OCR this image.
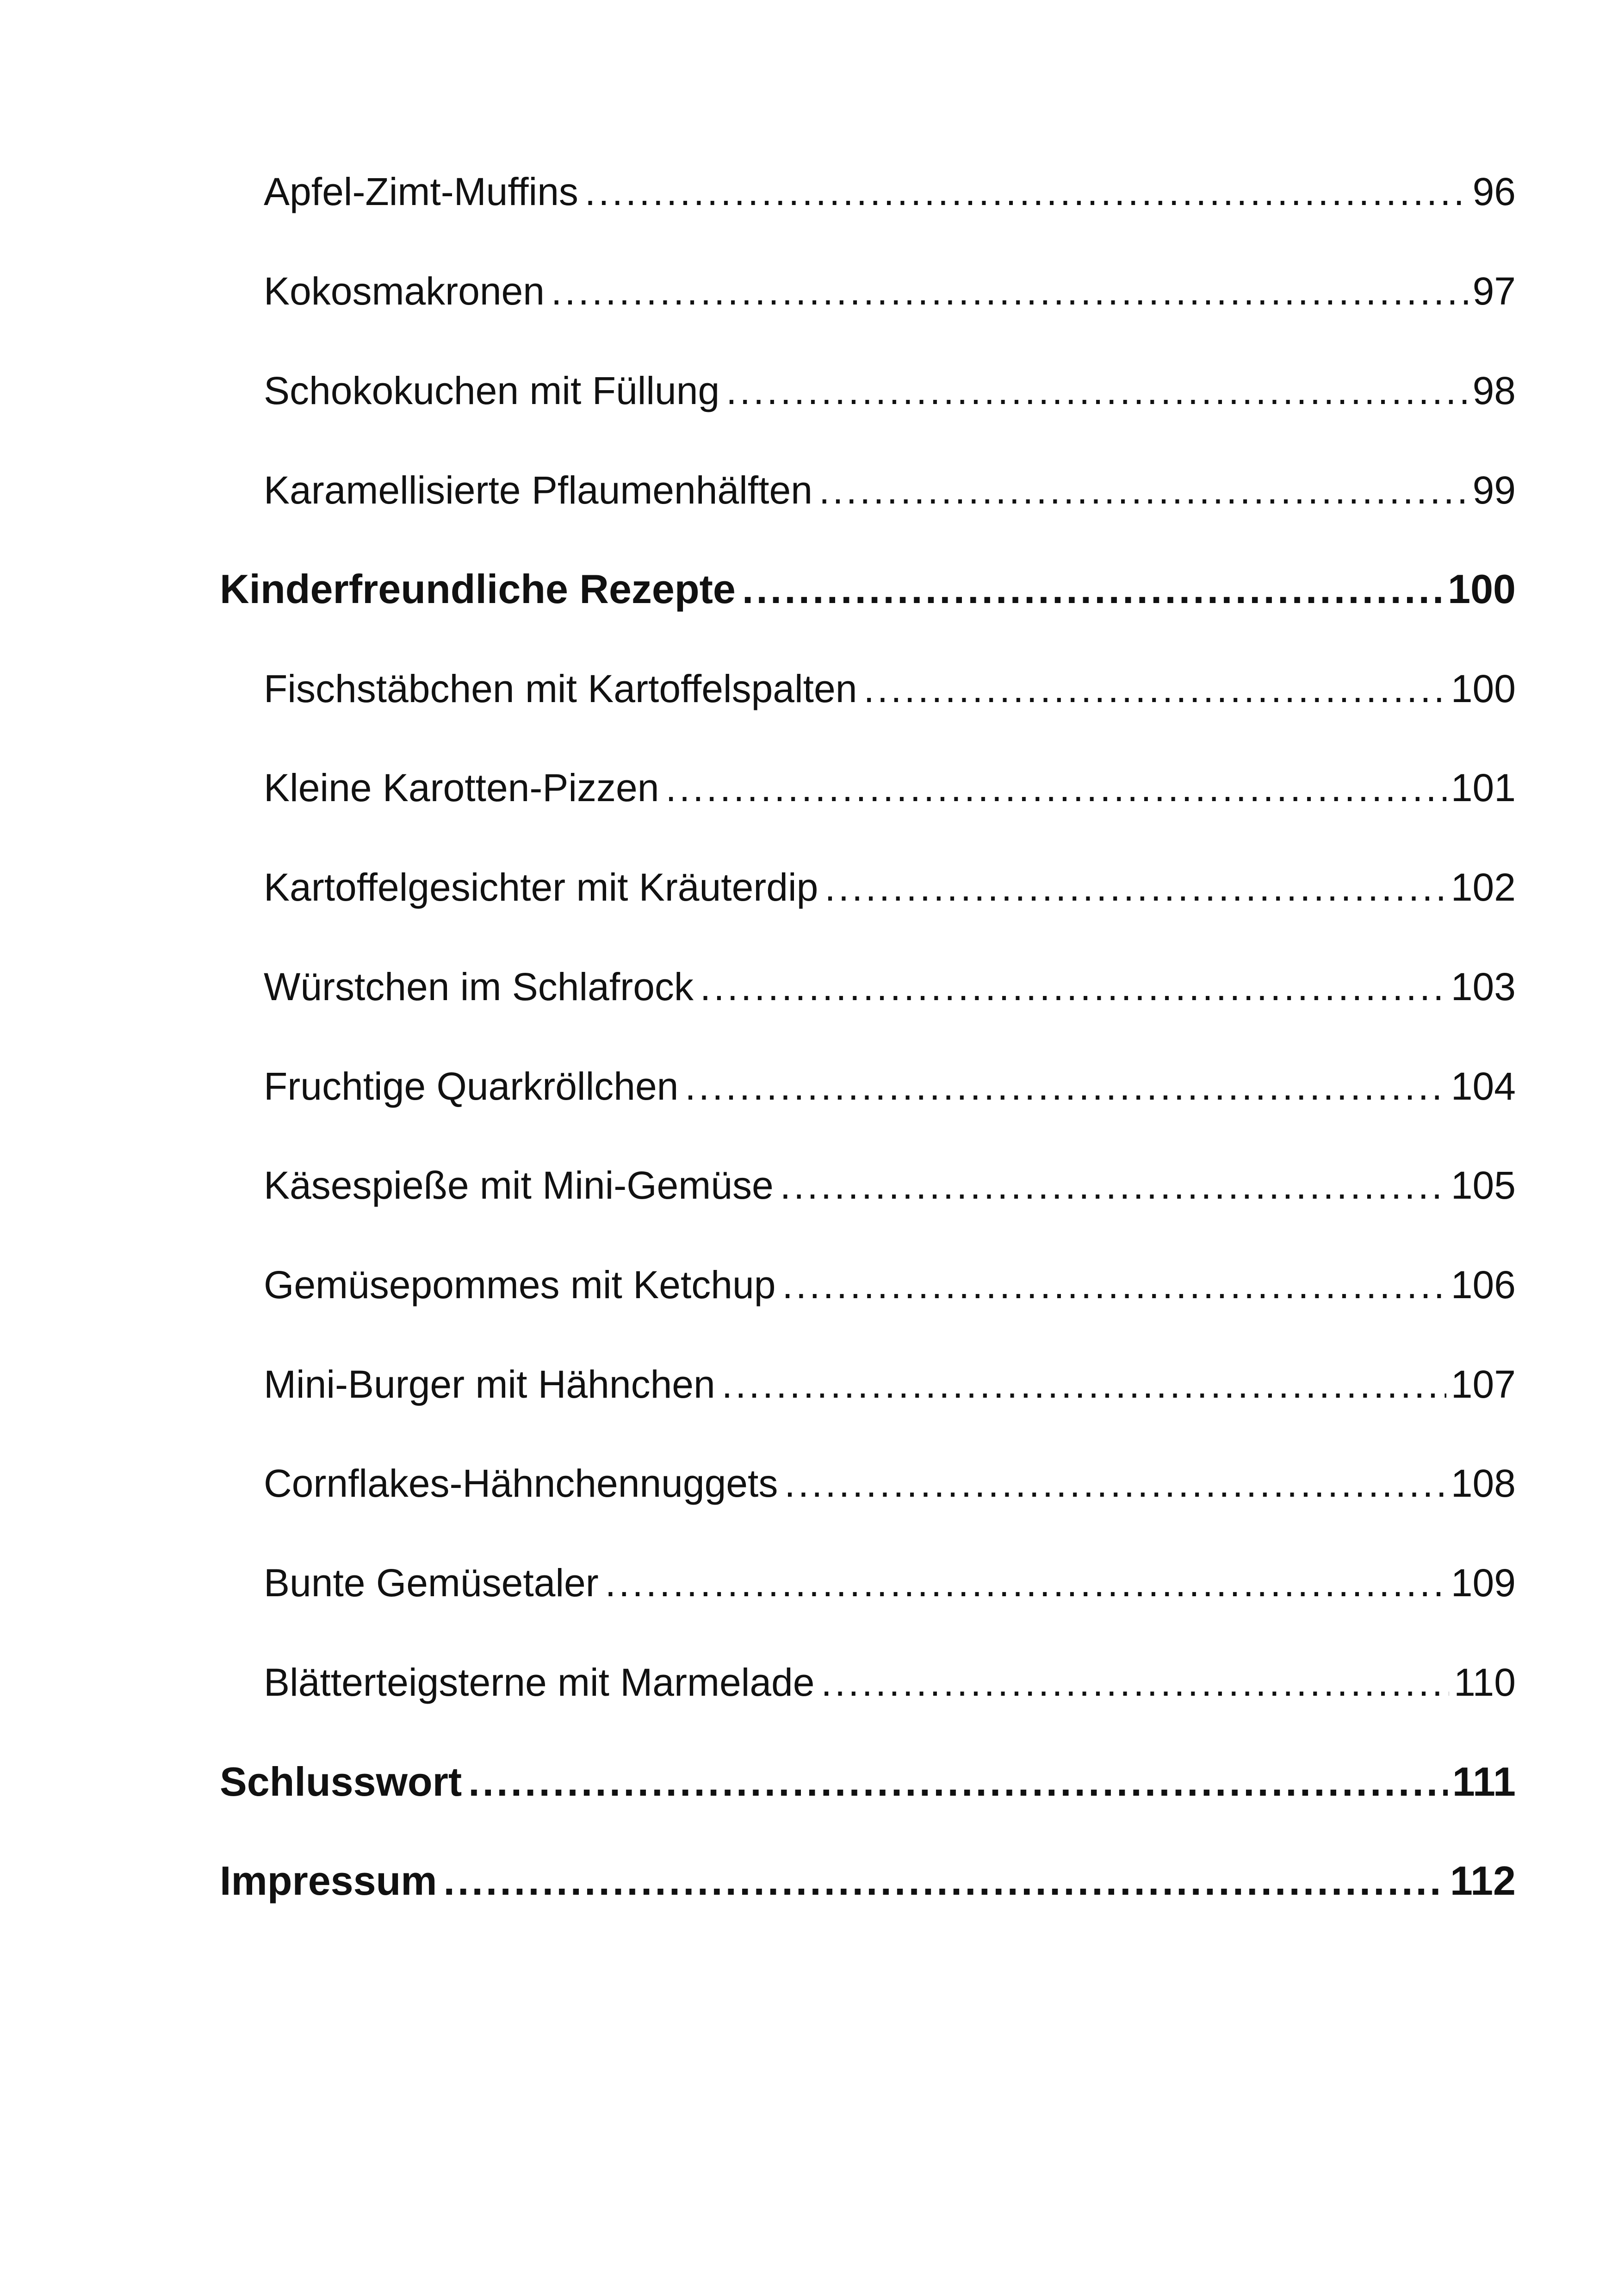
Apfel-Zimt-Muffins .....	96
Kokosmakronen .....	97
Schokokuchen mit Füllung .....	98
Karamellisierte Pflaumenhälften .....	99
Kinderfreundliche Rezepte .....	100
Fischstäbchen mit Kartoffelspalten .....	100
Kleine Karotten-Pizzen .....	101
Kartoffelgesichter mit Kräuterdip .....	102
Würstchen im Schlafrock .....	103
Fruchtige Quarkröllchen .....	104
Käsespieße mit Mini-Gemüse .....	105
Gemüsepommes mit Ketchup .....	106
Mini-Burger mit Hähnchen .....	107
Cornflakes-Hähnchennuggets .....	108
Bunte Gemüsetaler .....	109
Blätterteigsterne mit Marmelade .....	110
Schlusswort .....	111
Impressum .....	112
